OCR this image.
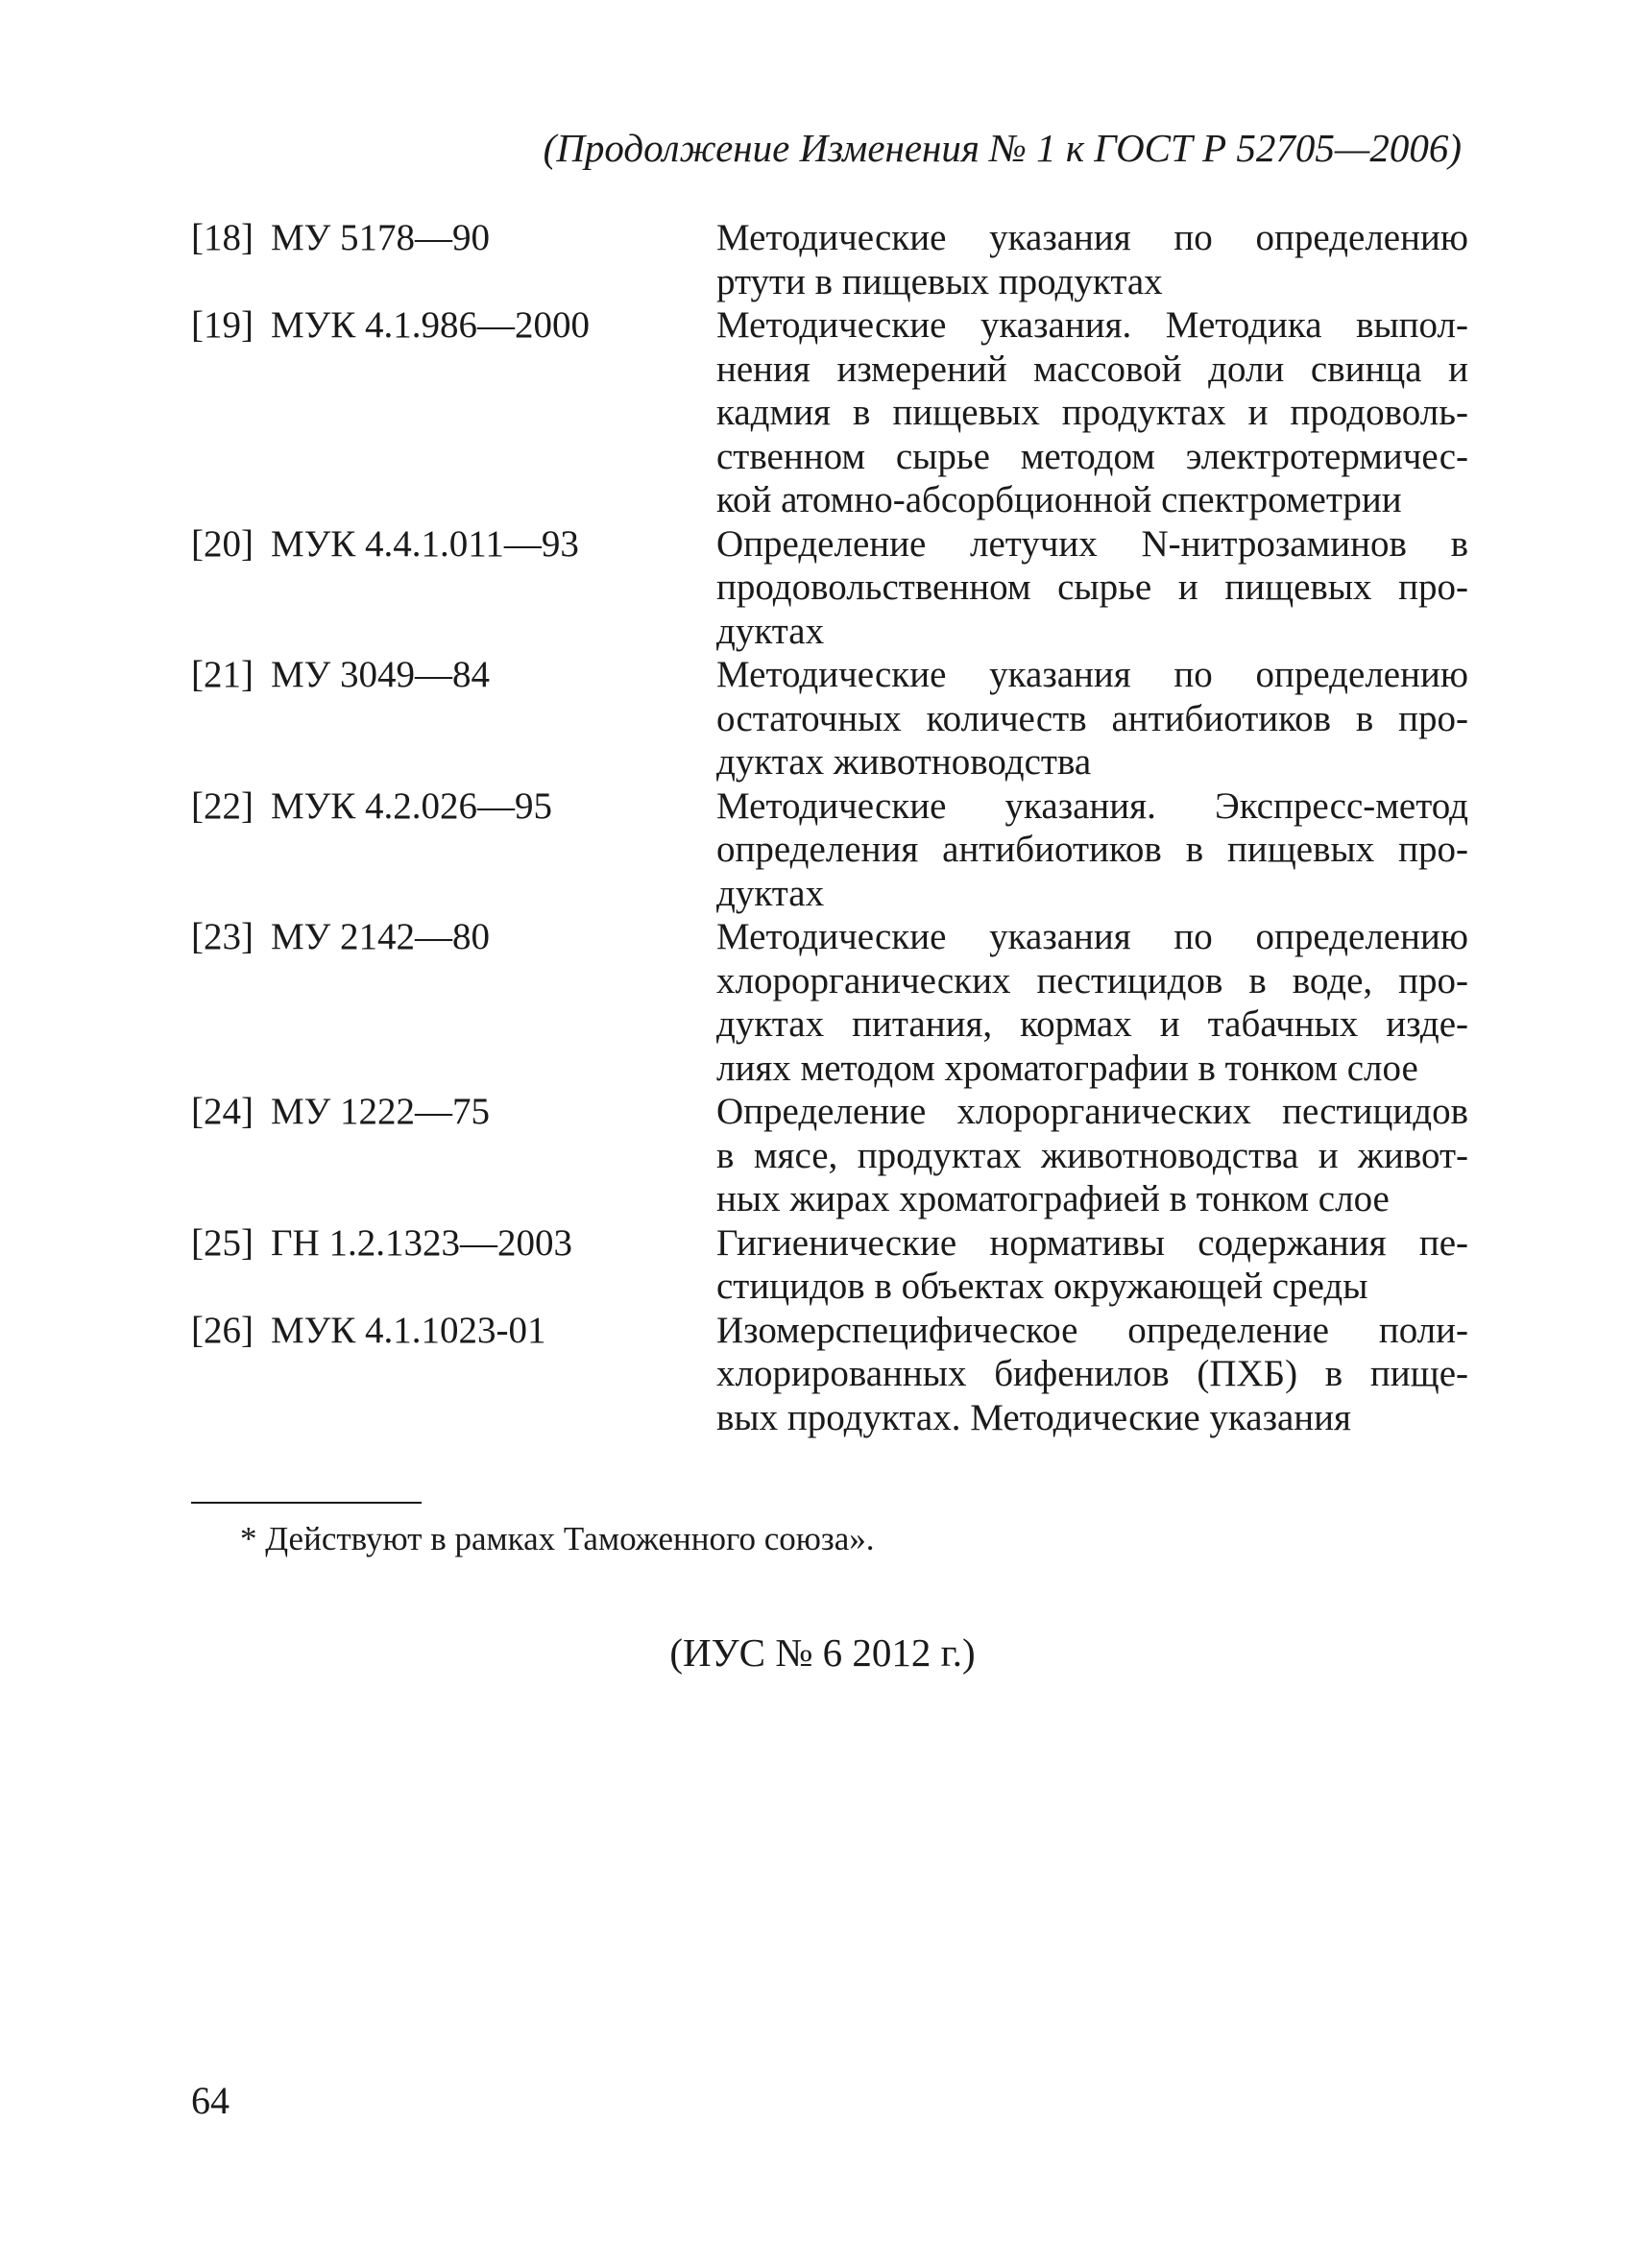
(Продолжение Изменения № 1 к ГОСТ Р 52705—2006)
[18] МУ 5178—90	Методические указания по определению
ртути в пищевых продуктах
[19] МУК 4.1.986—2000	Методические указания. Методика выпол-
нения измерений массовой доли свинца и
кадмия в пищевых продуктах и продоволь-
ственном сырье методом электротермичес-
кой атомно-абсорбционной спектрометрии
[20] МУК 4.4.1.011—93	Определение летучих N-нитрозаминов в
продовольственном сырье и пищевых про-
дуктах
[21] МУ 3049—84	Методические указания по определению
остаточных количеств антибиотиков в про-
дуктах животноводства
[22] МУК 4.2.026—95	Методические указания. Экспресс-метод
определения антибиотиков в пищевых про-
дуктах
[23] МУ 2142—80	Методические указания по определению
хлорорганических пестицидов в воде, про-
дуктах питания, кормах и табачных изде-
лиях методом хроматографии в тонком слое
[24] МУ 1222—75	Определение хлорорганических пестицидов
в мясе, продуктах животноводства и живот-
ных жирах хроматографией в тонком слое
[25] ГН 1.2.1323—2003	Гигиенические нормативы содержания пе-
стицидов в объектах окружающей среды
[26] МУК 4.1.1023-01	Изомерспецифическое определение поли-
хлорированных бифенилов (ПХБ) в пище-
вых продуктах. Методические указания
* Действуют в рамках Таможенного союза».
(ИУС № 6 2012 г.)
64
